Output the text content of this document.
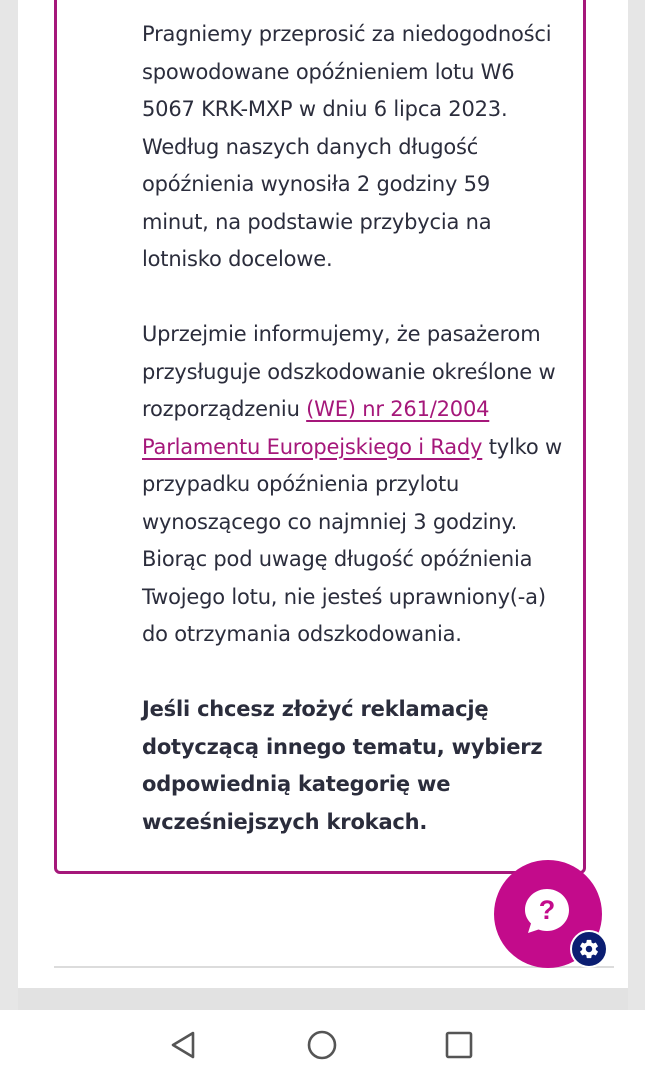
Pragniemy przeprosić za niedogodności spowodowane opóźnieniem lotu W6 5067 KRK-MXP w dniu 6 lipca 2023. Według naszych danych długość opóźnienia wynosiła 2 godziny 59 minut, na podstawie przybycia na lotnisko docelowe.

Uprzejmie informujemy, że pasażerom przysługuje odszkodowanie określone w rozporządzeniu (WE) nr 261/2004 Parlamentu Europejskiego i Rady tylko w przypadku opóźnienia przylotu wynoszącego co najmniej 3 godziny. Biorąc pod uwagę długość opóźnienia Twojego lotu, nie jesteś uprawniony(-a) do otrzymania odszkodowania.

Jeśli chcesz złożyć reklamację dotyczącą innego tematu, wybierz odpowiednią kategorię we wcześniejszych krokach.

?
